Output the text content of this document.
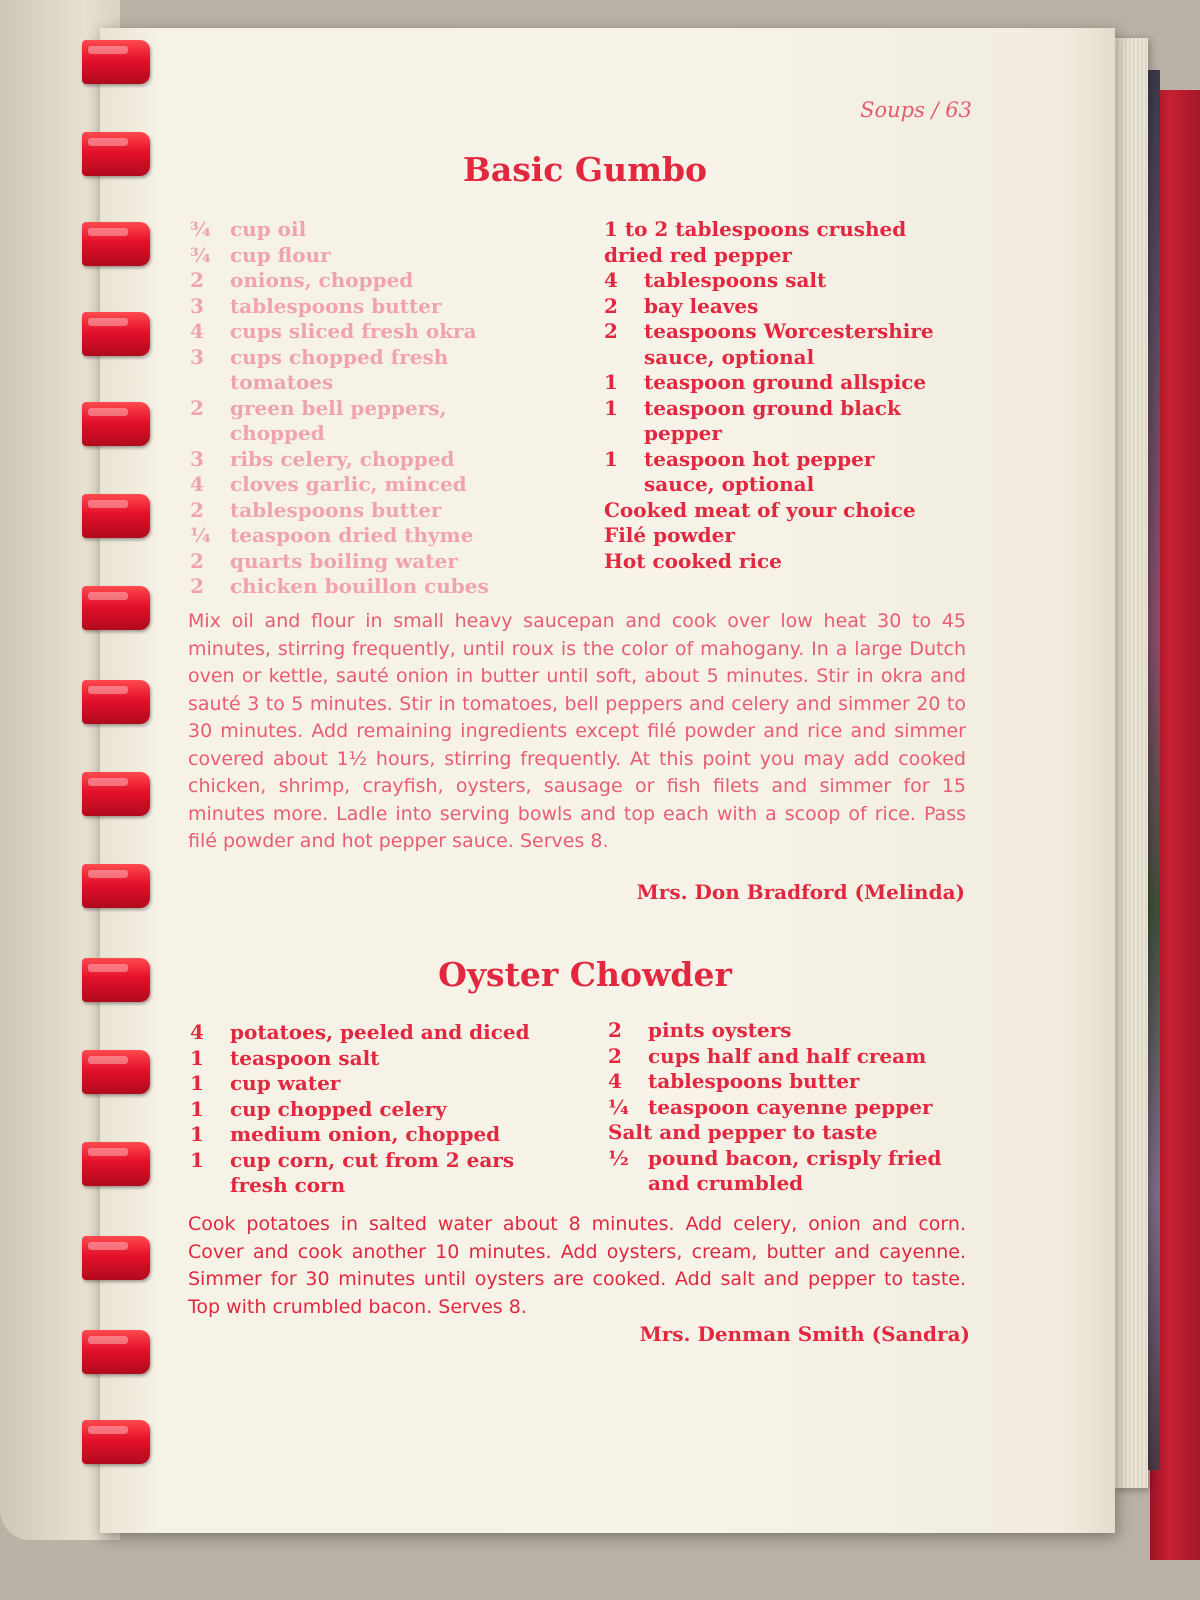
Soups / 63
Basic Gumbo
¾ cup oil
¾ cup flour
2	onions, chopped
3	tablespoons butter
4	cups sliced fresh okra
3	cups chopped fresh
tomatoes
2	green bell peppers,
chopped
3	ribs celery, chopped
4	cloves garlic, minced
2	tablespoons butter
¼ teaspoon dried thyme
2	quarts boiling water
2	chicken bouillon cubes
1 to 2 tablespoons crushed
dried red pepper
4	tablespoons salt
2	bay leaves
2	teaspoons Worcestershire
sauce, optional
1	teaspoon ground allspice
1	teaspoon ground black
pepper
1	teaspoon hot pepper
sauce, optional
Cooked meat of your choice
Filé powder
Hot cooked rice

Mix oil and flour in small heavy saucepan and cook over low heat 30 to 45 minutes, stirring frequently, until roux is the color of mahogany. In a large Dutch oven or kettle, sauté onion in butter until soft, about 5 minutes. Stir in okra and sauté 3 to 5 minutes. Stir in tomatoes, bell peppers and celery and simmer 20 to 30 minutes. Add remaining ingredients except filé powder and rice and simmer covered about 1½ hours, stirring frequently. At this point you may add cooked chicken, shrimp, crayfish, oysters, sausage or fish filets and simmer for 15 minutes more. Ladle into serving bowls and top each with a scoop of rice. Pass filé powder and hot pepper sauce. Serves 8.

Mrs. Don Bradford (Melinda)
Oyster Chowder
4	potatoes, peeled and diced
1	teaspoon salt
1	cup water
1	cup chopped celery
1	medium onion, chopped
1	cup corn, cut from 2 ears
fresh corn
2	pints oysters
2	cups half and half cream
4	tablespoons butter
¼ teaspoon cayenne pepper
Salt and pepper to taste
½ pound bacon, crisply fried
and crumbled

Cook potatoes in salted water about 8 minutes. Add celery, onion and corn. Cover and cook another 10 minutes. Add oysters, cream, butter and cayenne. Simmer for 30 minutes until oysters are cooked. Add salt and pepper to taste. Top with crumbled bacon. Serves 8.

Mrs. Denman Smith (Sandra)
